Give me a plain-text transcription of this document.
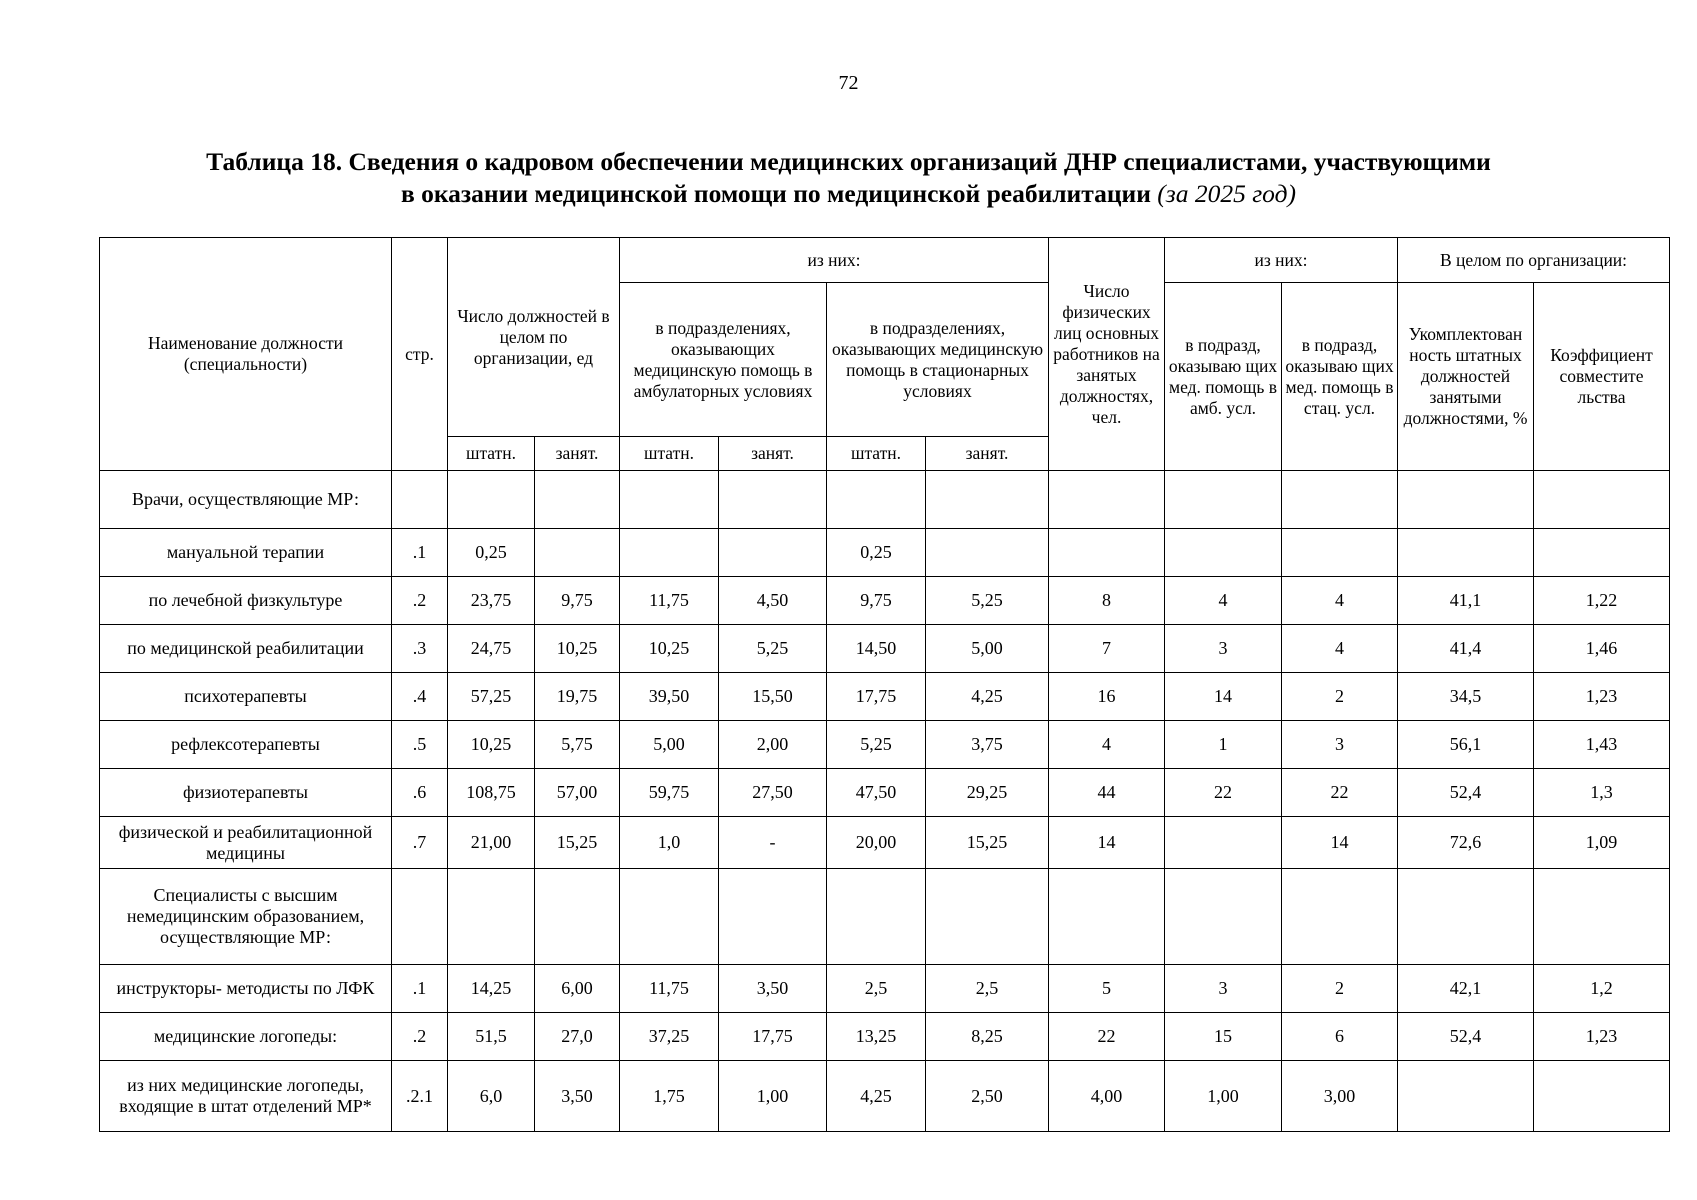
72
Таблица 18. Сведения о кадровом обеспечении медицинских организаций ДНР специалистами, участвующими
в оказании медицинской помощи по медицинской реабилитации (за 2025 год)
Наименование должности (специальности)	стр.	Число должностей в целом по организации, ед		из них:				Число физических лиц основных работников на занятых должностях, чел.	из них:		В целом по организации:	
				в подразделениях, оказывающих медицинскую помощь в амбулаторных условиях		в подразделениях, оказывающих медицинскую помощь в стационарных условиях			в подразд, оказываю щих мед. помощь в амб. усл.	в подразд, оказываю щих мед. помощь в стац. усл.	Укомплектован ность штатных должностей занятыми должностями, %	Коэффициент совместите льства
		штатн.	занят.	штатн.	занят.	штатн.	занят.					
Врачи, осуществляющие МР:												
мануальной терапии	.1	0,25				0,25						
по лечебной физкультуре	.2	23,75	9,75	11,75	4,50	9,75	5,25	8	4	4	41,1	1,22
по медицинской реабилитации	.3	24,75	10,25	10,25	5,25	14,50	5,00	7	3	4	41,4	1,46
психотерапевты	.4	57,25	19,75	39,50	15,50	17,75	4,25	16	14	2	34,5	1,23
рефлексотерапевты	.5	10,25	5,75	5,00	2,00	5,25	3,75	4	1	3	56,1	1,43
физиотерапевты	.6	108,75	57,00	59,75	27,50	47,50	29,25	44	22	22	52,4	1,3
физической и реабилитационной медицины	.7	21,00	15,25	1,0	-	20,00	15,25	14		14	72,6	1,09
Специалисты с высшим немедицинским образованием, осуществляющие МР:												
инструкторы- методисты по ЛФК	.1	14,25	6,00	11,75	3,50	2,5	2,5	5	3	2	42,1	1,2
медицинские логопеды:	.2	51,5	27,0	37,25	17,75	13,25	8,25	22	15	6	52,4	1,23
из них медицинские логопеды, входящие в штат отделений МР*	.2.1	6,0	3,50	1,75	1,00	4,25	2,50	4,00	1,00	3,00		
